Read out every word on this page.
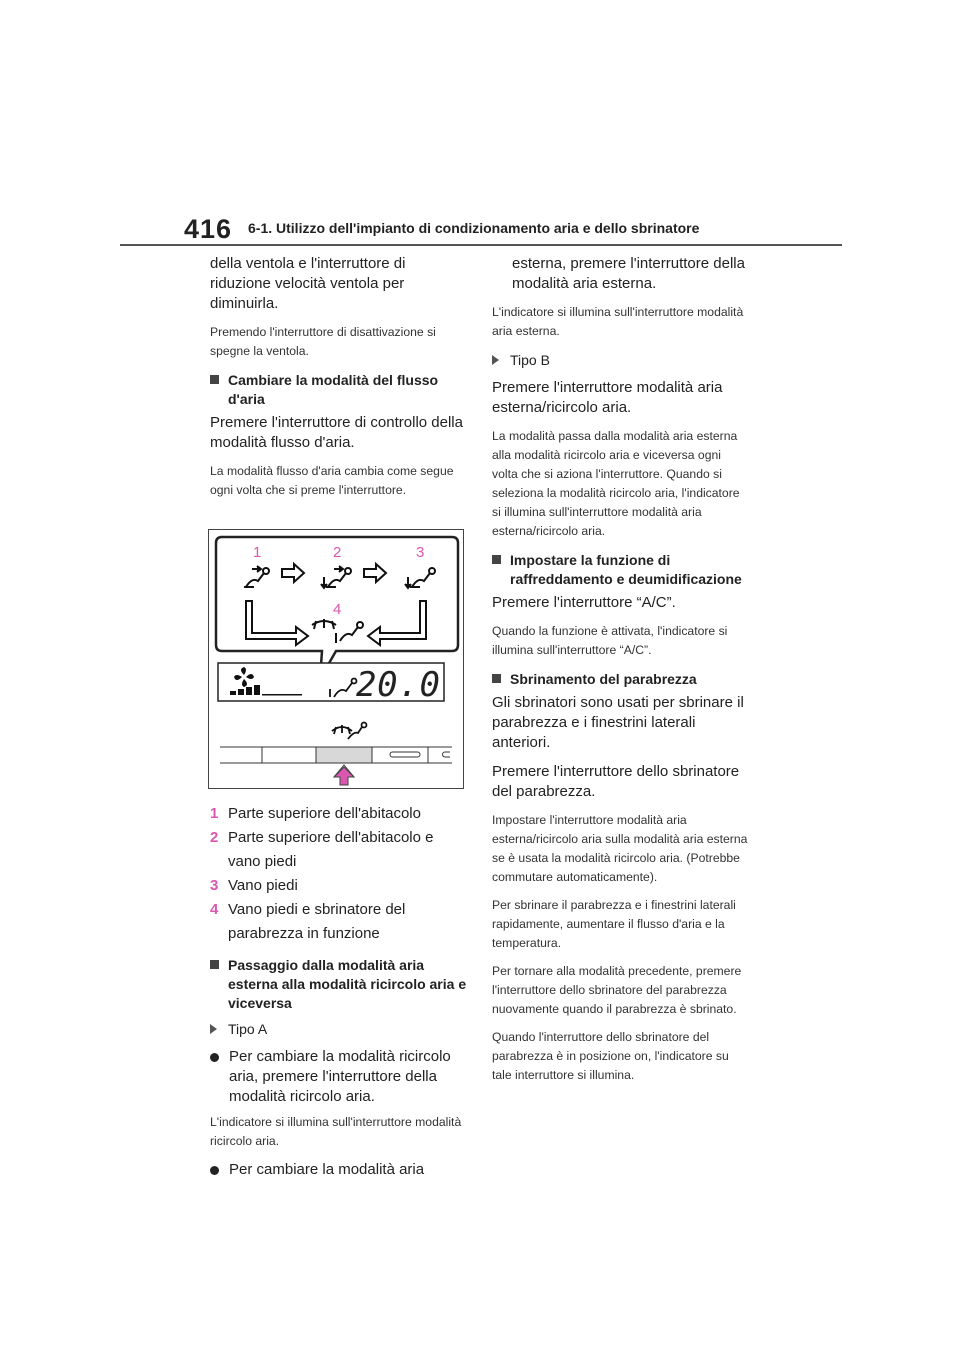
416 6-1. Utilizzo dell'impianto di condizionamento aria e dello sbrinatore

della ventola e l'interruttore di riduzione velocità ventola per diminuirla.

Premendo l'interruttore di disattivazione si spegne la ventola.

Cambiare la modalità del flusso d'aria

Premere l'interruttore di controllo della modalità flusso d'aria.

La modalità flusso d'aria cambia come segue ogni volta che si preme l'interruttore.

1	2	3
4
20.0
1 Parte superiore dell'abitacolo
2 Parte superiore dell'abitacolo e vano piedi
3 Vano piedi
4 Vano piedi e sbrinatore del parabrezza in funzione
Passaggio dalla modalità aria esterna alla modalità ricircolo aria e viceversa
Tipo A
Per cambiare la modalità ricircolo aria, premere l'interruttore della modalità ricircolo aria.

L'indicatore si illumina sull'interruttore modalità ricircolo aria.

Per cambiare la modalità aria

esterna, premere l'interruttore della modalità aria esterna.

L'indicatore si illumina sull'interruttore modalità aria esterna.

Tipo B

Premere l'interruttore modalità aria esterna/ricircolo aria.

La modalità passa dalla modalità aria esterna alla modalità ricircolo aria e viceversa ogni volta che si aziona l'interruttore. Quando si seleziona la modalità ricircolo aria, l'indicatore si illumina sull'interruttore modalità aria esterna/ricircolo aria.

Impostare la funzione di raffreddamento e deumidificazione

Premere l'interruttore “A/C”.

Quando la funzione è attivata, l'indicatore si illumina sull'interruttore “A/C”.

Sbrinamento del parabrezza

Gli sbrinatori sono usati per sbrinare il parabrezza e i finestrini laterali anteriori.

Premere l'interruttore dello sbrinatore del parabrezza.

Impostare l'interruttore modalità aria esterna/ricircolo aria sulla modalità aria esterna se è usata la modalità ricircolo aria. (Potrebbe commutare automaticamente).

Per sbrinare il parabrezza e i finestrini laterali rapidamente, aumentare il flusso d'aria e la temperatura.

Per tornare alla modalità precedente, premere l'interruttore dello sbrinatore del parabrezza nuovamente quando il parabrezza è sbrinato.

Quando l'interruttore dello sbrinatore del parabrezza è in posizione on, l'indicatore su tale interruttore si illumina.
